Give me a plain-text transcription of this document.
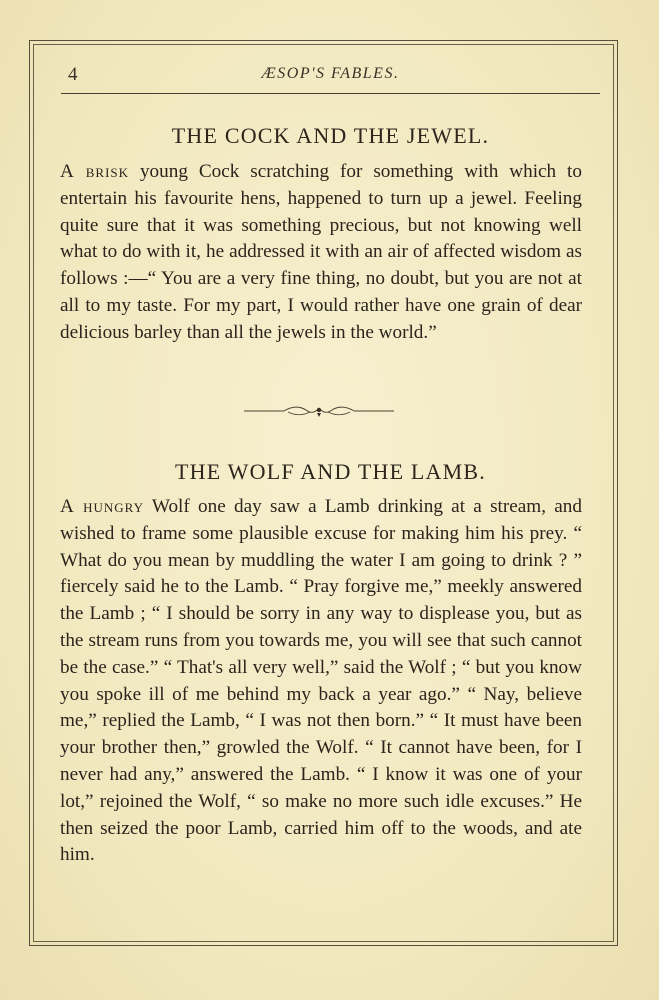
4	ÆSOP'S FABLES.
THE COCK AND THE JEWEL.

A brisk young Cock scratching for something with which to entertain his favourite hens, happened to turn up a jewel. Feeling quite sure that it was something precious, but not knowing well what to do with it, he addressed it with an air of affected wisdom as follows :—“ You are a very fine thing, no doubt, but you are not at all to my taste. For my part, I would rather have one grain of dear delicious barley than all the jewels in the world.”

THE WOLF AND THE LAMB.

A hungry Wolf one day saw a Lamb drinking at a stream, and wished to frame some plausible excuse for making him his prey. “ What do you mean by muddling the water I am going to drink ? ” fiercely said he to the Lamb. “ Pray forgive me,” meekly answered the Lamb ; “ I should be sorry in any way to displease you, but as the stream runs from you towards me, you will see that such cannot be the case.” “ That's all very well,” said the Wolf ; “ but you know you spoke ill of me behind my back a year ago.” “ Nay, believe me,” replied the Lamb, “ I was not then born.” “ It must have been your brother then,” growled the Wolf. “ It cannot have been, for I never had any,” answered the Lamb. “ I know it was one of your lot,” rejoined the Wolf, “ so make no more such idle excuses.” He then seized the poor Lamb, carried him off to the woods, and ate him.
